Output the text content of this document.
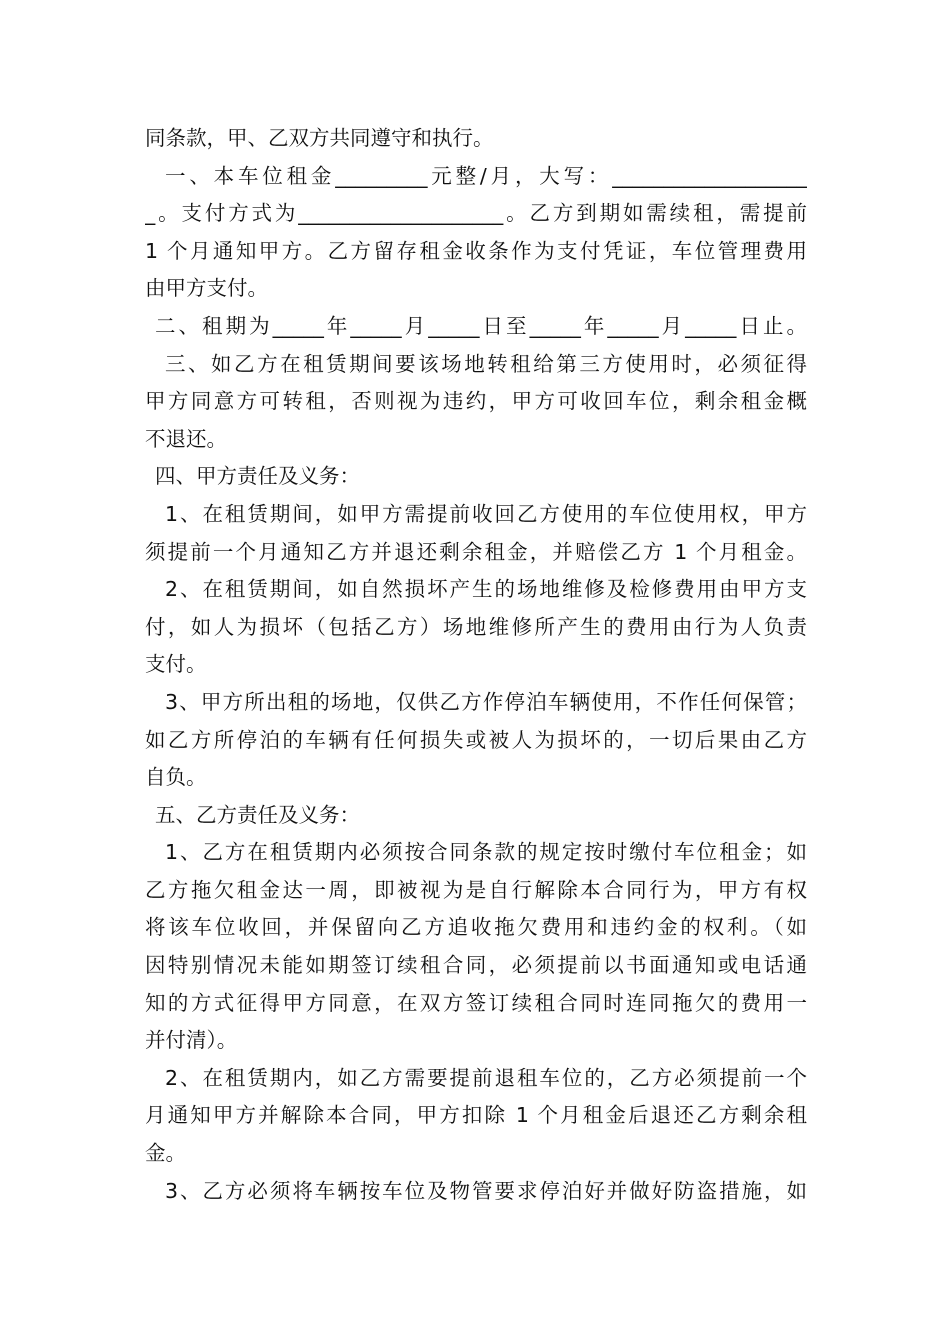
同条款，甲、乙双方共同遵守和执行。
一、本车位租金_________元整/月，大写：___________________
_。支付方式为____________________。乙方到期如需续租，需提前
1 个月通知甲方。乙方留存租金收条作为支付凭证，车位管理费用
由甲方支付。
二、租期为_____年_____月_____日至_____年_____月_____日止。
三、如乙方在租赁期间要该场地转租给第三方使用时，必须征得
甲方同意方可转租，否则视为违约，甲方可收回车位，剩余租金概
不退还。
四、甲方责任及义务：
1、在租赁期间，如甲方需提前收回乙方使用的车位使用权，甲方
须提前一个月通知乙方并退还剩余租金，并赔偿乙方 1 个月租金。
2、在租赁期间，如自然损坏产生的场地维修及检修费用由甲方支
付，如人为损坏（包括乙方）场地维修所产生的费用由行为人负责
支付。
3、甲方所出租的场地，仅供乙方作停泊车辆使用，不作任何保管；
如乙方所停泊的车辆有任何损失或被人为损坏的，一切后果由乙方
自负。
五、乙方责任及义务：
1、乙方在租赁期内必须按合同条款的规定按时缴付车位租金；如
乙方拖欠租金达一周，即被视为是自行解除本合同行为，甲方有权
将该车位收回，并保留向乙方追收拖欠费用和违约金的权利。（如
因特别情况未能如期签订续租合同，必须提前以书面通知或电话通
知的方式征得甲方同意，在双方签订续租合同时连同拖欠的费用一
并付清）。
2、在租赁期内，如乙方需要提前退租车位的，乙方必须提前一个
月通知甲方并解除本合同，甲方扣除 1 个月租金后退还乙方剩余租
金。
3、乙方必须将车辆按车位及物管要求停泊好并做好防盗措施，如
